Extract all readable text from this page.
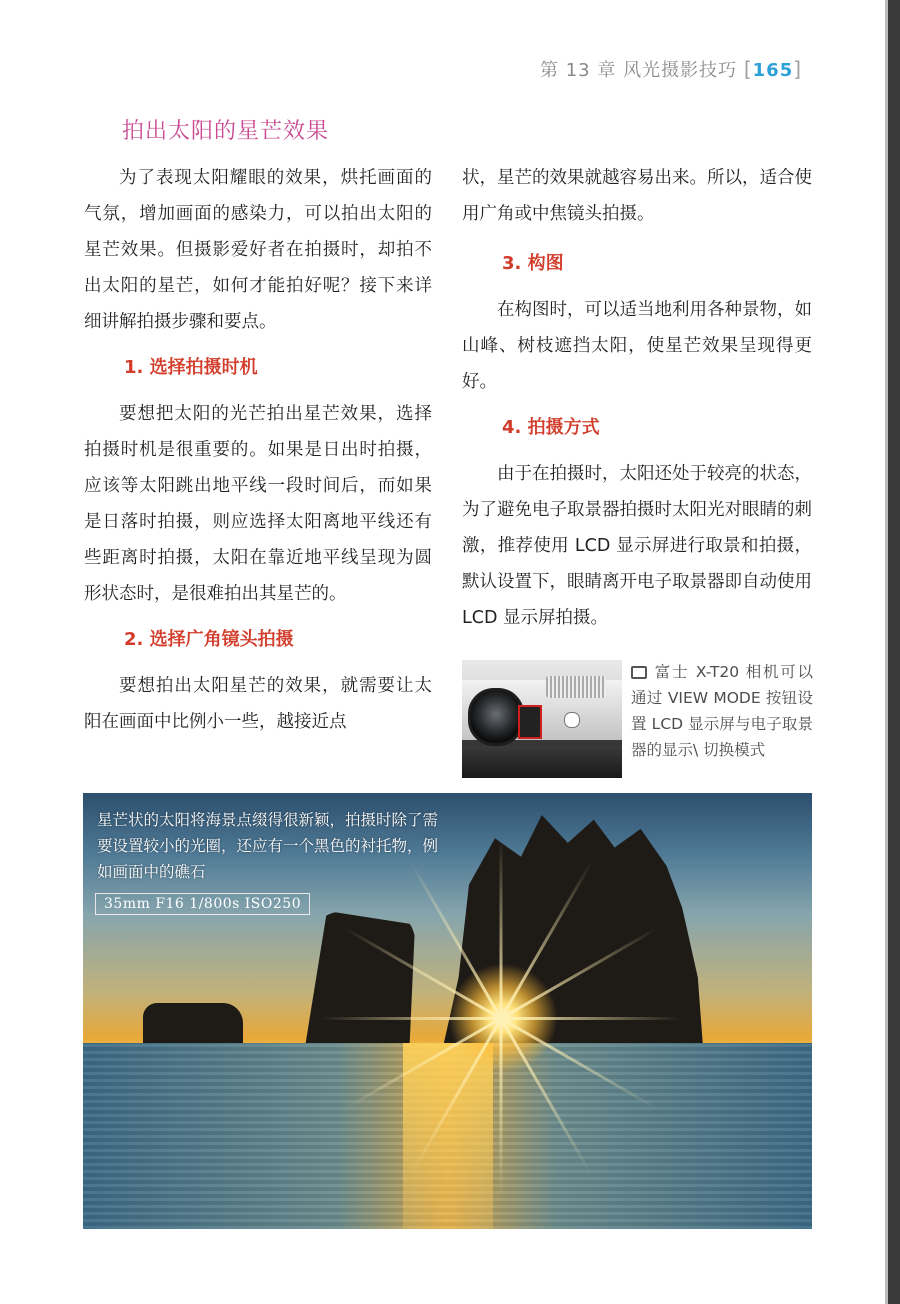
第 13 章 风光摄影技巧 [165]
拍出太阳的星芒效果

为了表现太阳耀眼的效果，烘托画面的气氛，增加画面的感染力，可以拍出太阳的星芒效果。但摄影爱好者在拍摄时，却拍不出太阳的星芒，如何才能拍好呢？接下来详细讲解拍摄步骤和要点。

1. 选择拍摄时机

要想把太阳的光芒拍出星芒效果，选择拍摄时机是很重要的。如果是日出时拍摄，应该等太阳跳出地平线一段时间后，而如果是日落时拍摄，则应选择太阳离地平线还有些距离时拍摄，太阳在靠近地平线呈现为圆形状态时，是很难拍出其星芒的。

2. 选择广角镜头拍摄

要想拍出太阳星芒的效果，就需要让太阳在画面中比例小一些，越接近点

状，星芒的效果就越容易出来。所以，适合使用广角或中焦镜头拍摄。

3. 构图

在构图时，可以适当地利用各种景物，如山峰、树枝遮挡太阳，使星芒效果呈现得更好。

4. 拍摄方式

由于在拍摄时，太阳还处于较亮的状态，为了避免电子取景器拍摄时太阳光对眼睛的刺激，推荐使用 LCD 显示屏进行取景和拍摄，默认设置下，眼睛离开电子取景器即自动使用 LCD 显示屏拍摄。

富士 X-T20 相机可以通过 VIEW MODE 按钮设置 LCD 显示屏与电子取景器的显示\ 切换模式
星芒状的太阳将海景点缀得很新颖，拍摄时除了需要设置较小的光圈，还应有一个黑色的衬托物，例如画面中的礁石
35mm F16 1/800s ISO250
